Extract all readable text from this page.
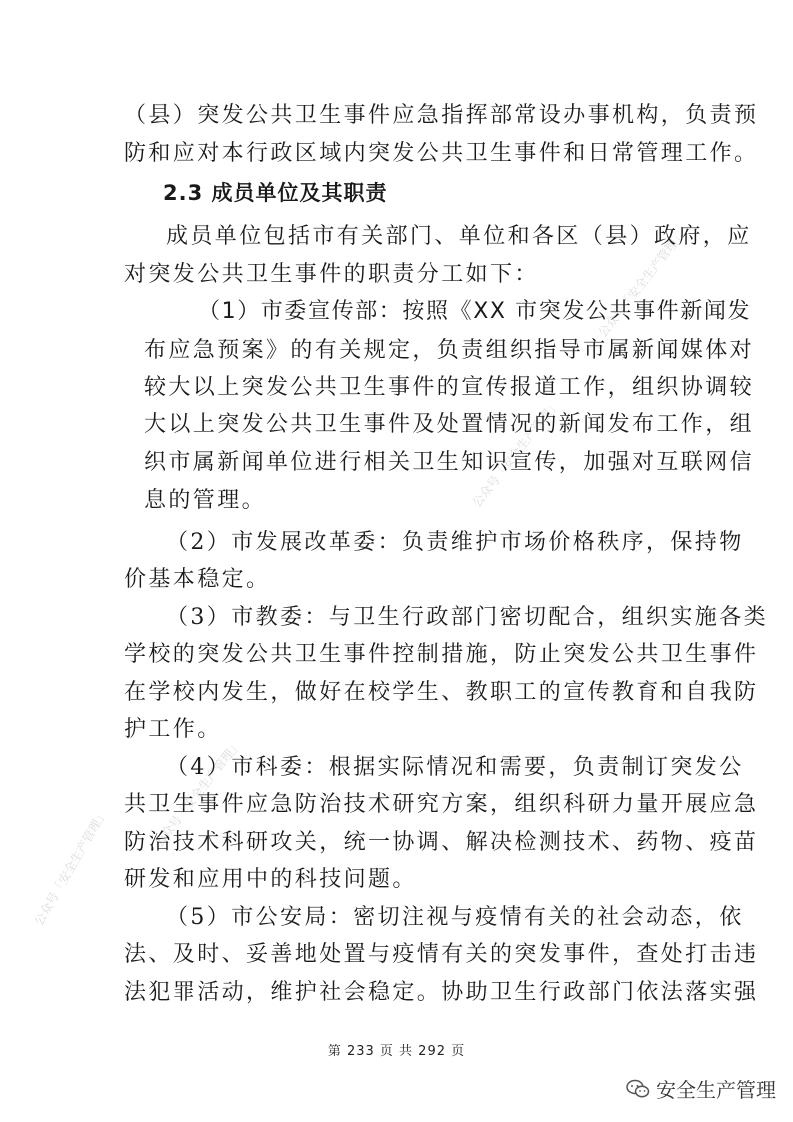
公众号「安全生产管理」
公众号「安全生产管理」
公众号「安全生产管理」
公众号「安全生产管理」
（县）突发公共卫生事件应急指挥部常设办事机构，负责预
防和应对本行政区域内突发公共卫生事件和日常管理工作。
2.3 成员单位及其职责
成员单位包括市有关部门、单位和各区（县）政府，应
对突发公共卫生事件的职责分工如下：
（1）市委宣传部：按照《XX 市突发公共事件新闻发
布应急预案》的有关规定，负责组织指导市属新闻媒体对
较大以上突发公共卫生事件的宣传报道工作，组织协调较
大以上突发公共卫生事件及处置情况的新闻发布工作，组
织市属新闻单位进行相关卫生知识宣传，加强对互联网信
息的管理。
（2）市发展改革委：负责维护市场价格秩序，保持物
价基本稳定。
（3）市教委：与卫生行政部门密切配合，组织实施各类
学校的突发公共卫生事件控制措施，防止突发公共卫生事件
在学校内发生，做好在校学生、教职工的宣传教育和自我防
护工作。
（4）市科委：根据实际情况和需要，负责制订突发公
共卫生事件应急防治技术研究方案，组织科研力量开展应急
防治技术科研攻关，统一协调、解决检测技术、药物、疫苗
研发和应用中的科技问题。
（5）市公安局：密切注视与疫情有关的社会动态，依
法、及时、妥善地处置与疫情有关的突发事件，查处打击违
法犯罪活动，维护社会稳定。协助卫生行政部门依法落实强
第 233 页 共 292 页
安全生产管理
